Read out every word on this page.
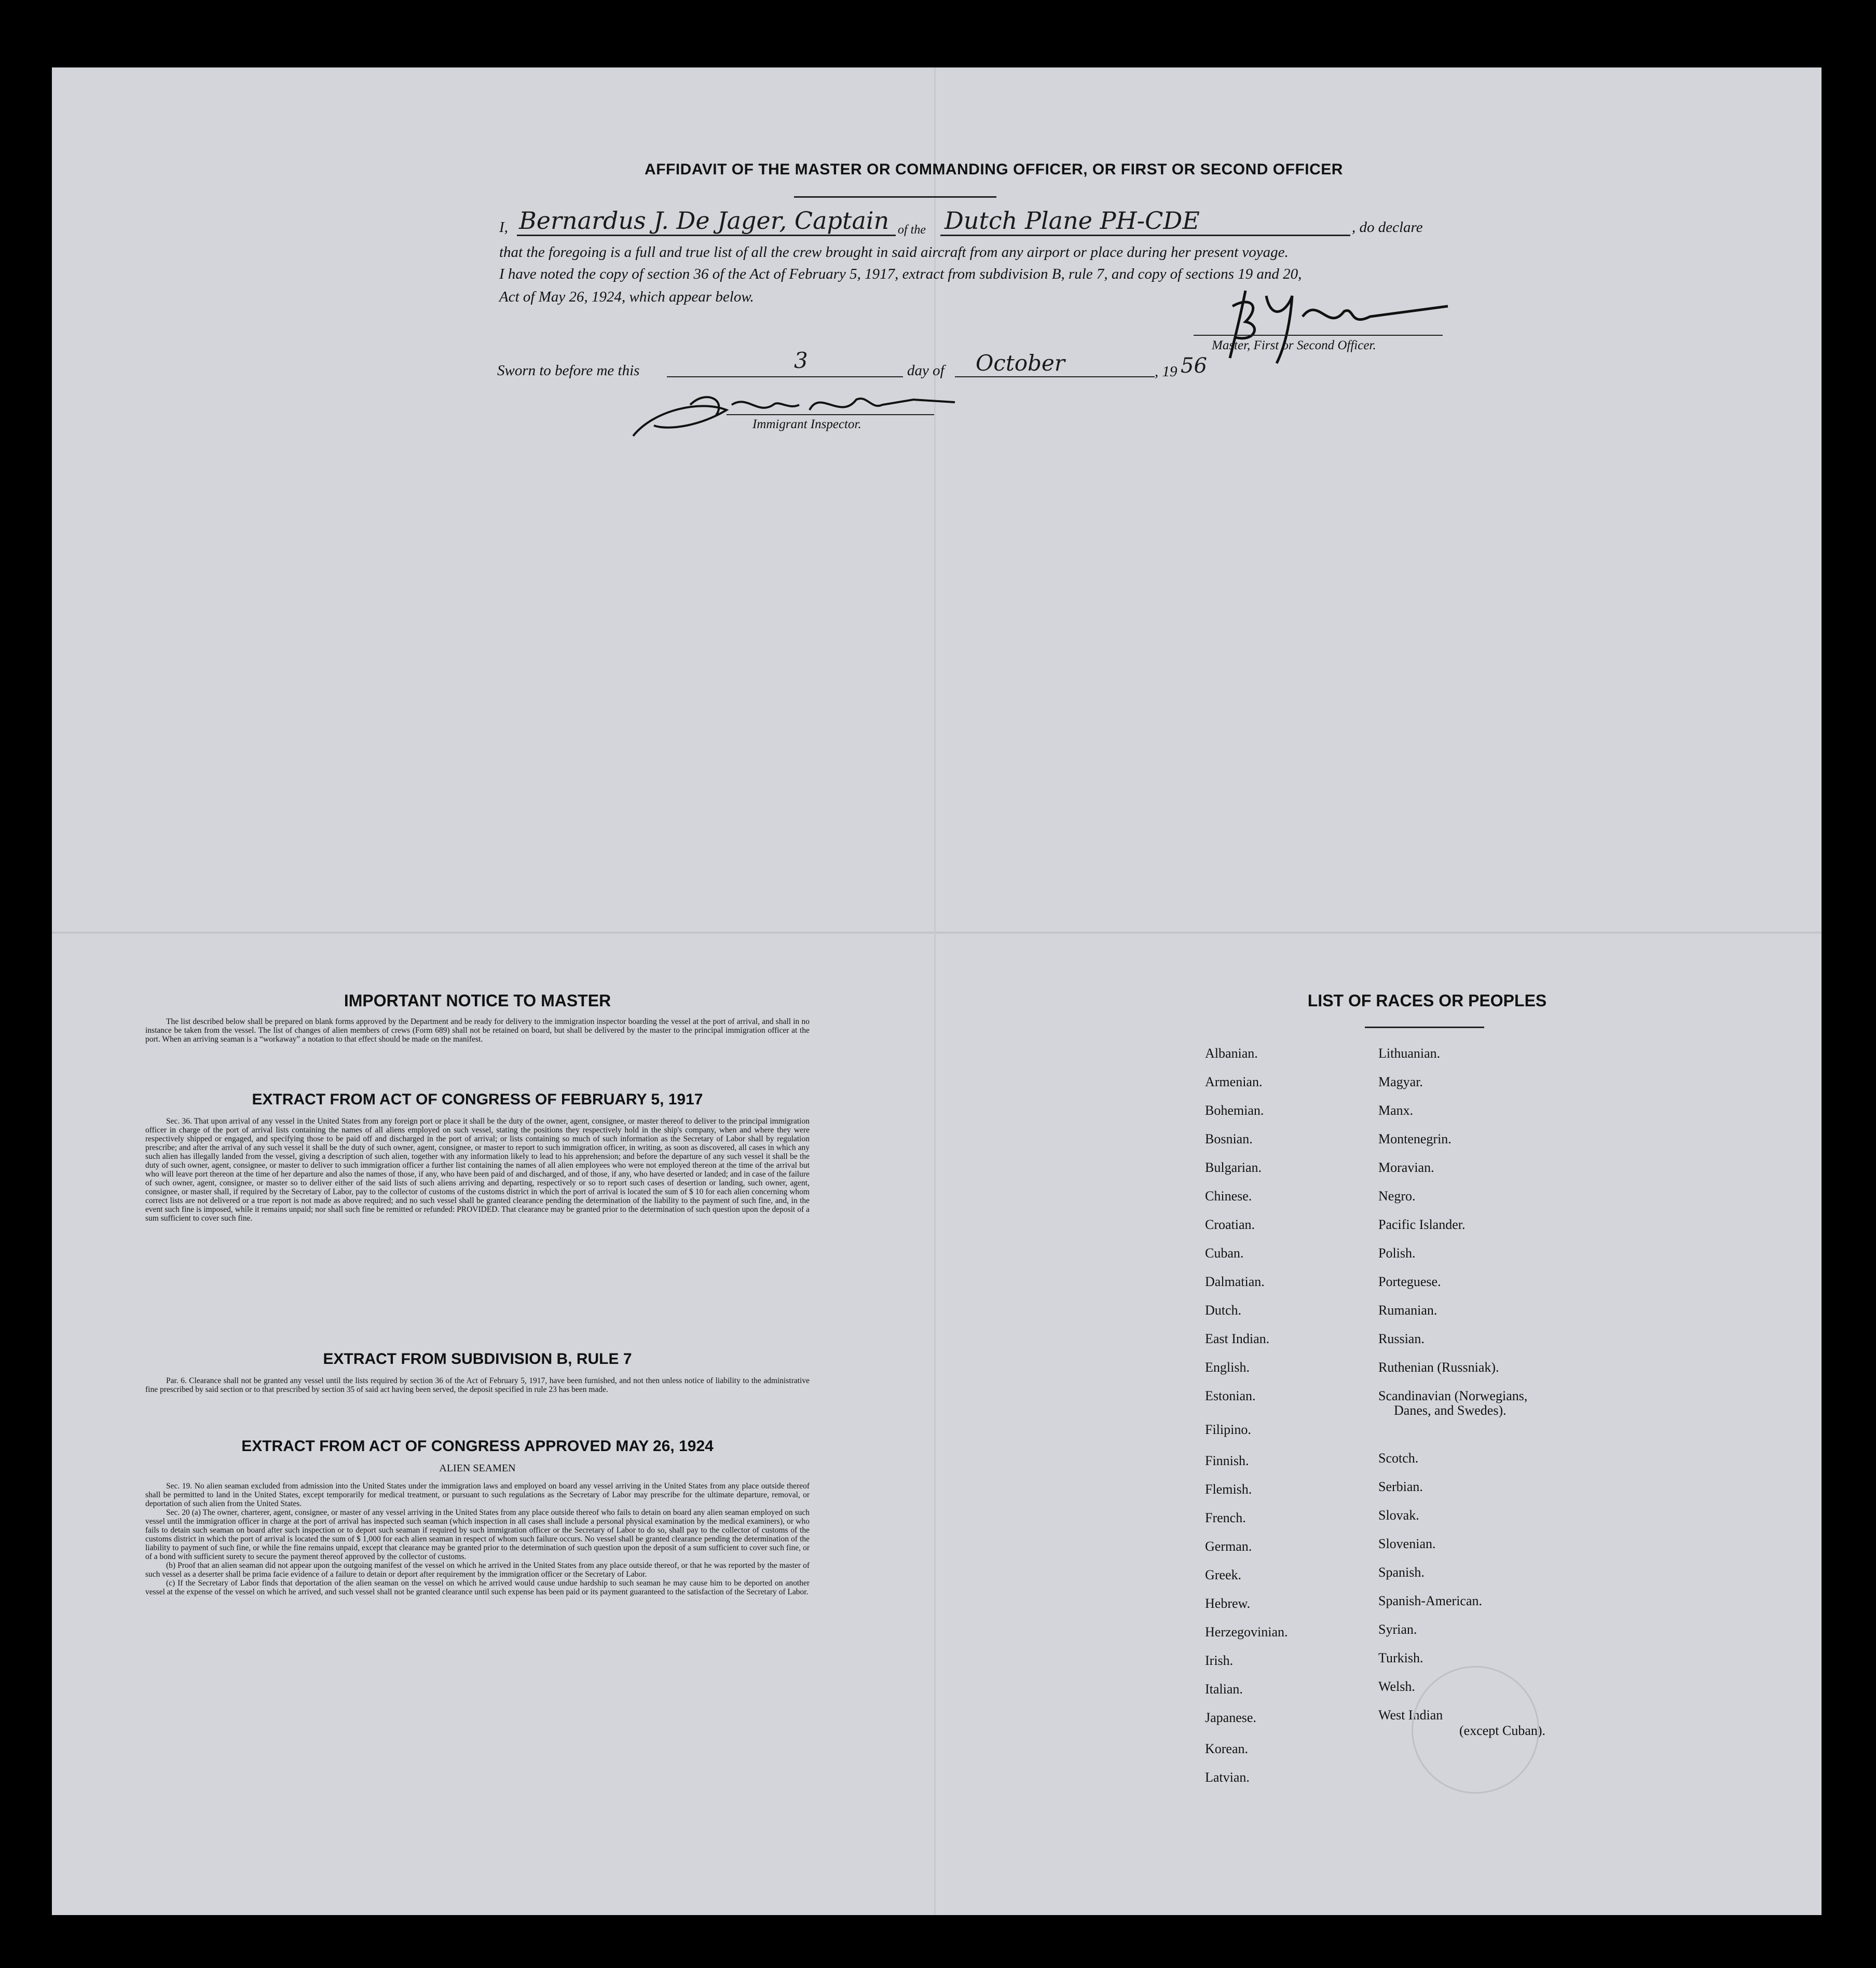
AFFIDAVIT OF THE MASTER OR COMMANDING OFFICER, OR FIRST OR SECOND OFFICER
I, Bernardus J. De Jager, Captain of the Dutch Plane PH-CDE	, do declare
that the foregoing is a full and true list of all the crew brought in said aircraft from any airport or place during her present voyage.
I have noted the copy of section 36 of the Act of February 5, 1917, extract from subdivision B, rule 7, and copy of sections 19 and 20,
Act of May 26, 1924, which appear below.
Master, First or Second Officer.
Sworn to before me this	3	day of October	, 19 56
Immigrant Inspector.
IMPORTANT NOTICE TO MASTER

The list described below shall be prepared on blank forms approved by the Department and be ready for delivery to the immigration inspector boarding the vessel at the port of arrival, and shall in no instance be taken from the vessel. The list of changes of alien members of crews (Form 689) shall not be retained on board, but shall be delivered by the master to the principal immigration officer at the port. When an arriving seaman is a “workaway” a notation to that effect should be made on the manifest.

EXTRACT FROM ACT OF CONGRESS OF FEBRUARY 5, 1917

Sec. 36. That upon arrival of any vessel in the United States from any foreign port or place it shall be the duty of the owner, agent, consignee, or master thereof to deliver to the principal immigration officer in charge of the port of arrival lists containing the names of all aliens employed on such vessel, stating the positions they respectively hold in the ship's company, when and where they were respectively shipped or engaged, and specifying those to be paid off and discharged in the port of arrival; or lists containing so much of such information as the Secretary of Labor shall by regulation prescribe; and after the arrival of any such vessel it shall be the duty of such owner, agent, consignee, or master to report to such immigration officer, in writing, as soon as discovered, all cases in which any such alien has illegally landed from the vessel, giving a description of such alien, together with any information likely to lead to his apprehension; and before the departure of any such vessel it shall be the duty of such owner, agent, consignee, or master to deliver to such immigration officer a further list containing the names of all alien employees who were not employed thereon at the time of the arrival but who will leave port thereon at the time of her departure and also the names of those, if any, who have been paid of and discharged, and of those, if any, who have deserted or landed; and in case of the failure of such owner, agent, consignee, or master so to deliver either of the said lists of such aliens arriving and departing, respectively or so to report such cases of desertion or landing, such owner, agent, consignee, or master shall, if required by the Secretary of Labor, pay to the collector of customs of the customs district in which the port of arrival is located the sum of $ 10 for each alien concerning whom correct lists are not delivered or a true report is not made as above required; and no such vessel shall be granted clearance pending the determination of the liability to the payment of such fine, and, in the event such fine is imposed, while it remains unpaid; nor shall such fine be remitted or refunded: PROVIDED. That clearance may be granted prior to the determination of such question upon the deposit of a sum sufficient to cover such fine.

EXTRACT FROM SUBDIVISION B, RULE 7

Par. 6. Clearance shall not be granted any vessel until the lists required by section 36 of the Act of February 5, 1917, have been furnished, and not then unless notice of liability to the administrative fine prescribed by said section or to that prescribed by section 35 of said act having been served, the deposit specified in rule 23 has been made.

EXTRACT FROM ACT OF CONGRESS APPROVED MAY 26, 1924
ALIEN SEAMEN

Sec. 19. No alien seaman excluded from admission into the United States under the immigration laws and employed on board any vessel arriving in the United States from any place outside thereof shall be permitted to land in the United States, except temporarily for medical treatment, or pursuant to such regulations as the Secretary of Labor may prescribe for the ultimate departure, removal, or deportation of such alien from the United States.

Sec. 20 (a) The owner, charterer, agent, consignee, or master of any vessel arriving in the United States from any place outside thereof who fails to detain on board any alien seaman employed on such vessel until the immigration officer in charge at the port of arrival has inspected such seaman (which inspection in all cases shall include a personal physical examination by the medical examiners), or who fails to detain such seaman on board after such inspection or to deport such seaman if required by such immigration officer or the Secretary of Labor to do so, shall pay to the collector of customs of the customs district in which the port of arrival is located the sum of $ 1,000 for each alien seaman in respect of whom such failure occurs. No vessel shall be granted clearance pending the determination of the liability to payment of such fine, or while the fine remains unpaid, except that clearance may be granted prior to the determination of such question upon the deposit of a sum sufficient to cover such fine, or of a bond with sufficient surety to secure the payment thereof approved by the collector of customs.

(b) Proof that an alien seaman did not appear upon the outgoing manifest of the vessel on which he arrived in the United States from any place outside thereof, or that he was reported by the master of such vessel as a deserter shall be prima facie evidence of a failure to detain or deport after requirement by the immigration officer or the Secretary of Labor.

(c) If the Secretary of Labor finds that deportation of the alien seaman on the vessel on which he arrived would cause undue hardship to such seaman he may cause him to be deported on another vessel at the expense of the vessel on which he arrived, and such vessel shall not be granted clearance until such expense has been paid or its payment guaranteed to the satisfaction of the Secretary of Labor.

LIST OF RACES OR PEOPLES
Albanian.
Armenian.
Bohemian.
Bosnian.
Bulgarian.
Chinese.
Croatian.
Cuban.
Dalmatian.
Dutch.
East Indian.
English.
Estonian.
Filipino.
Finnish.
Flemish.
French.
German.
Greek.
Hebrew.
Herzegovinian.
Irish.
Italian.
Japanese.
Korean.
Latvian.
Lithuanian.
Magyar.
Manx.
Montenegrin.
Moravian.
Negro.
Pacific Islander.
Polish.
Porteguese.
Rumanian.
Russian.
Ruthenian (Russniak).
Scandinavian (Norwegians,
Danes, and Swedes).
Scotch.
Serbian.
Slovak.
Slovenian.
Spanish.
Spanish-American.
Syrian.
Turkish.
Welsh.
West Indian
(except Cuban).
